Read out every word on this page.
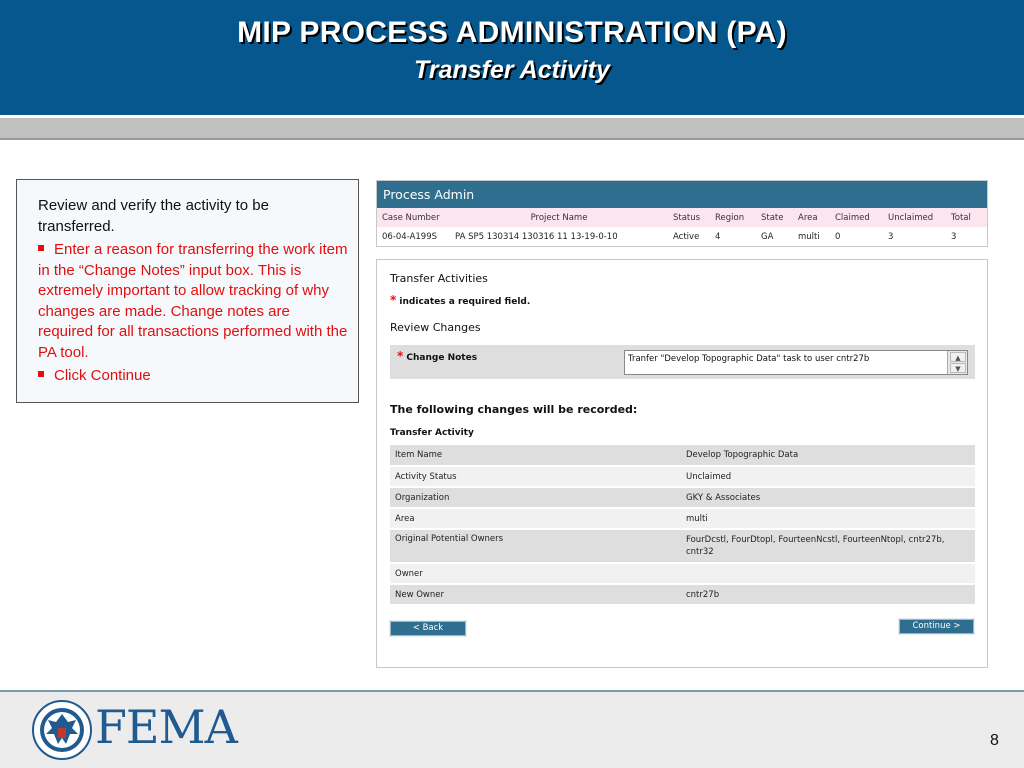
MIP PROCESS ADMINISTRATION (PA)
Transfer Activity
Review and verify the activity to be transferred.
Enter a reason for transferring the work item in the “Change Notes” input box. This is extremely important to allow tracking of why changes are made. Change notes are required for all transactions performed with the PA tool.
Click Continue
Process Admin
Case Number	Project Name	Status	Region	State	Area	Claimed	Unclaimed	Total
06-04-A199S	PA SP5 130314 130316 11 13-19-0-10	Active	4	GA	multi	0	3	3
Transfer Activities
* indicates a required field.
Review Changes
* Change Notes
Tranfer "Develop Topographic Data" task to user cntr27b	▲
▼
The following changes will be recorded:
Transfer Activity
Item Name	Develop Topographic Data
Activity Status	Unclaimed
Organization	GKY & Associates
Area	multi
Original Potential Owners	FourDcstl, FourDtopl, FourteenNcstl, FourteenNtopl, cntr27b, cntr32
Owner	
New Owner	cntr27b
< Back	Continue >
FEMA	8
